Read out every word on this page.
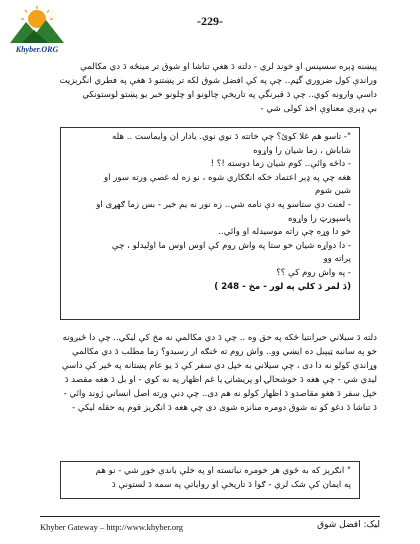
Khyber.ORG
-229-

پېښنه ډېره سسپنس او خوند لري - دلته دَ هغې تناشا او شوق تر مينځه دَ دي مکالمې

وراندې کول ضروري گڼم.. چې په کې افضل شوق لکه تر پښتنو دَ هغې په فطري انگرېزيت

داسې وارونه کوي.. چې دَ قبرنگې په تاريخې چالونو او چلونو خبر يو پښتو لوستونکي

بې ډېرې معناوې اخذ کولی شي -

"- تاسو هم غلا کوئ؟ چې خاتته دَ نوي نوي. يادار ان وايماست .. هله

شاباش ، زما شيان را واړوه

- داڅه وائې.. کوم شيان زما دوسته !؟ !

هغه چې په ډېر اعتماد خکه انګکاري شوه ، نو زه له غصې ورته سور او

شين شوم

- لعنت دې ستاسو په دې نامه شي.. زه نور نه يم خير - بس زما ګهړی او

پاسپورټ را واړوه

خو دا وړه چې راته موسيدله او وائي..

- دا دواړه شيان خو ستا په واش روم کې اوس اوس ما اوليدلو ، چې

پراته وو

- په واش روم کې ؟؟

(دَ لمر دَ کلي په لور - مخ - 248 )

دلته دَ سيلاني حيرانتيا څکه په حق وه .. چې دَ دي مکالمې نه مخ کې ليکي.. چې دا ځيږونه

خو په سانبه ټيپبل ده ايښي وو.. واش روم ته ځنګه ار رسيدو؟ زما مطلب دَ دي مکالمې

وړاندې کولو نه دا دی ، چې سيلاني به خپل دې سفر کې دَ يو عام پښتانه په څېر کې داسې

ليدي شي - چې هغه دَ خوشحالۍ او پريشانۍ يا غم اظهار په نه کوي - او بل دَ هغه مقصد دَ

خپل سفر دَ هغو مقاصدو دَ اظهار کولو نه هم دی.. چې دنې ورته اصل انساني ژوند وائي -

دَ تناشا دَ دغو کو نه شوق دومره منانزه شوی دی چې هغه دَ انګرېز قوم په حقله ليکي -

" انګرېز که به څوي هر خومره نباتسته او په خلې باندې خوږ شي - نو هم

په ايمان کې شک لري - ګوا دَ تاريخې او رواياتې په سمه دَ لستونې دَ

Khyber Gateway – http://www.khyber.org	ليک: افضل شوق
